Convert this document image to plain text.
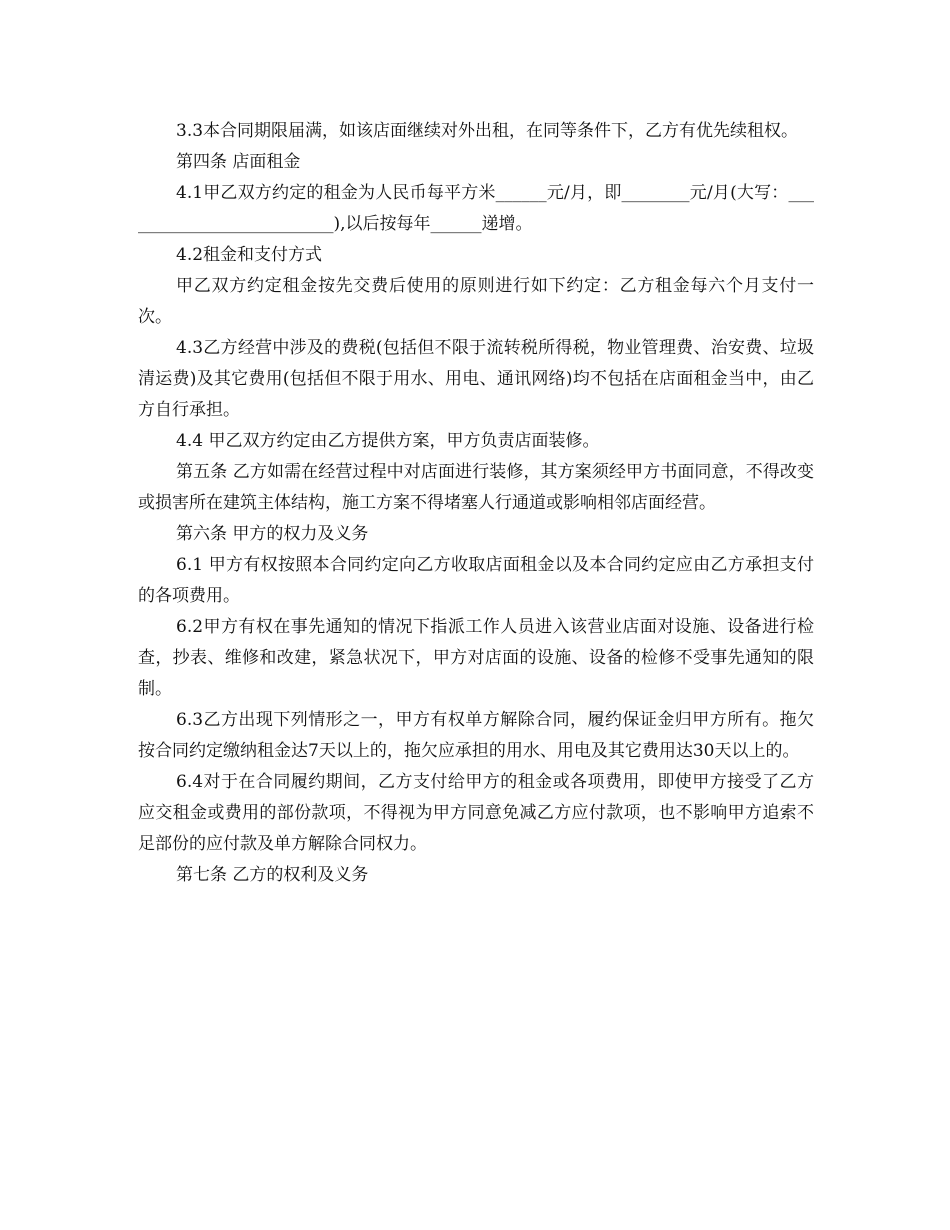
3.3本合同期限届满，如该店面继续对外出租，在同等条件下，乙方有优先续租权。

第四条 店面租金

4.1甲乙双方约定的租金为人民币每平方米______元/月，即________元/月(大写：__________________________),以后按每年______递增。

4.2租金和支付方式

甲乙双方约定租金按先交费后使用的原则进行如下约定：乙方租金每六个月支付一次。

4.3乙方经营中涉及的费税(包括但不限于流转税所得税，物业管理费、治安费、垃圾清运费)及其它费用(包括但不限于用水、用电、通讯网络)均不包括在店面租金当中，由乙方自行承担。

4.4 甲乙双方约定由乙方提供方案，甲方负责店面装修。

第五条 乙方如需在经营过程中对店面进行装修，其方案须经甲方书面同意，不得改变或损害所在建筑主体结构，施工方案不得堵塞人行通道或影响相邻店面经营。

第六条 甲方的权力及义务

6.1 甲方有权按照本合同约定向乙方收取店面租金以及本合同约定应由乙方承担支付的各项费用。

6.2甲方有权在事先通知的情况下指派工作人员进入该营业店面对设施、设备进行检查，抄表、维修和改建，紧急状况下，甲方对店面的设施、设备的检修不受事先通知的限制。

6.3乙方出现下列情形之一，甲方有权单方解除合同，履约保证金归甲方所有。拖欠按合同约定缴纳租金达7天以上的，拖欠应承担的用水、用电及其它费用达30天以上的。

6.4对于在合同履约期间，乙方支付给甲方的租金或各项费用，即使甲方接受了乙方应交租金或费用的部份款项，不得视为甲方同意免减乙方应付款项，也不影响甲方追索不足部份的应付款及单方解除合同权力。

第七条 乙方的权利及义务
